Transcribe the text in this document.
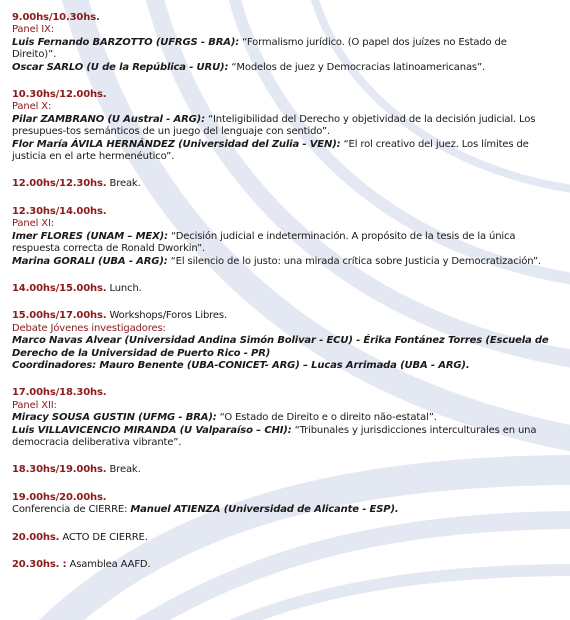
9.00hs/10.30hs.
Panel IX:
Luis Fernando BARZOTTO (UFRGS - BRA): “Formalismo jurídico. (O papel dos juízes no Estado de Direito)”.
Oscar SARLO (U de la República - URU): “Modelos de juez y Democracias latinoamericanas”.
10.30hs/12.00hs.
Panel X:
Pilar ZAMBRANO (U Austral - ARG): “Inteligibilidad del Derecho y objetividad de la decisión judicial. Los presupues-tos semánticos de un juego del lenguaje con sentido”.
Flor María ÁVILA HERNÁNDEZ (Universidad del Zulia - VEN): “El rol creativo del juez. Los límites de justicia en el arte hermenéutico”.
12.00hs/12.30hs. Break.
12.30hs/14.00hs.
Panel XI:
Imer FLORES (UNAM – MEX): “Decisión judicial e indeterminación. A propósito de la tesis de la única respuesta correcta de Ronald Dworkin”.
Marina GORALI (UBA - ARG): “El silencio de lo justo: una mirada crítica sobre Justicia y Democratización”.
14.00hs/15.00hs. Lunch.
15.00hs/17.00hs. Workshops/Foros Libres.
Debate Jóvenes investigadores:
Marco Navas Alvear (Universidad Andina Simón Bolivar - ECU) - Érika Fontánez Torres (Escuela de Derecho de la Universidad de Puerto Rico - PR)
Coordinadores: Mauro Benente (UBA-CONICET- ARG) – Lucas Arrimada (UBA - ARG).
17.00hs/18.30hs.
Panel XII:
Miracy SOUSA GUSTIN (UFMG - BRA): “O Estado de Direito e o direito não-estatal”.
Luis VILLAVICENCIO MIRANDA (U Valparaíso – CHI): “Tribunales y jurisdicciones interculturales en una democracia deliberativa vibrante”.
18.30hs/19.00hs. Break.
19.00hs/20.00hs.
Conferencia de CIERRE: Manuel ATIENZA (Universidad de Alicante - ESP).
20.00hs. ACTO DE CIERRE.
20.30hs. : Asamblea AAFD.
